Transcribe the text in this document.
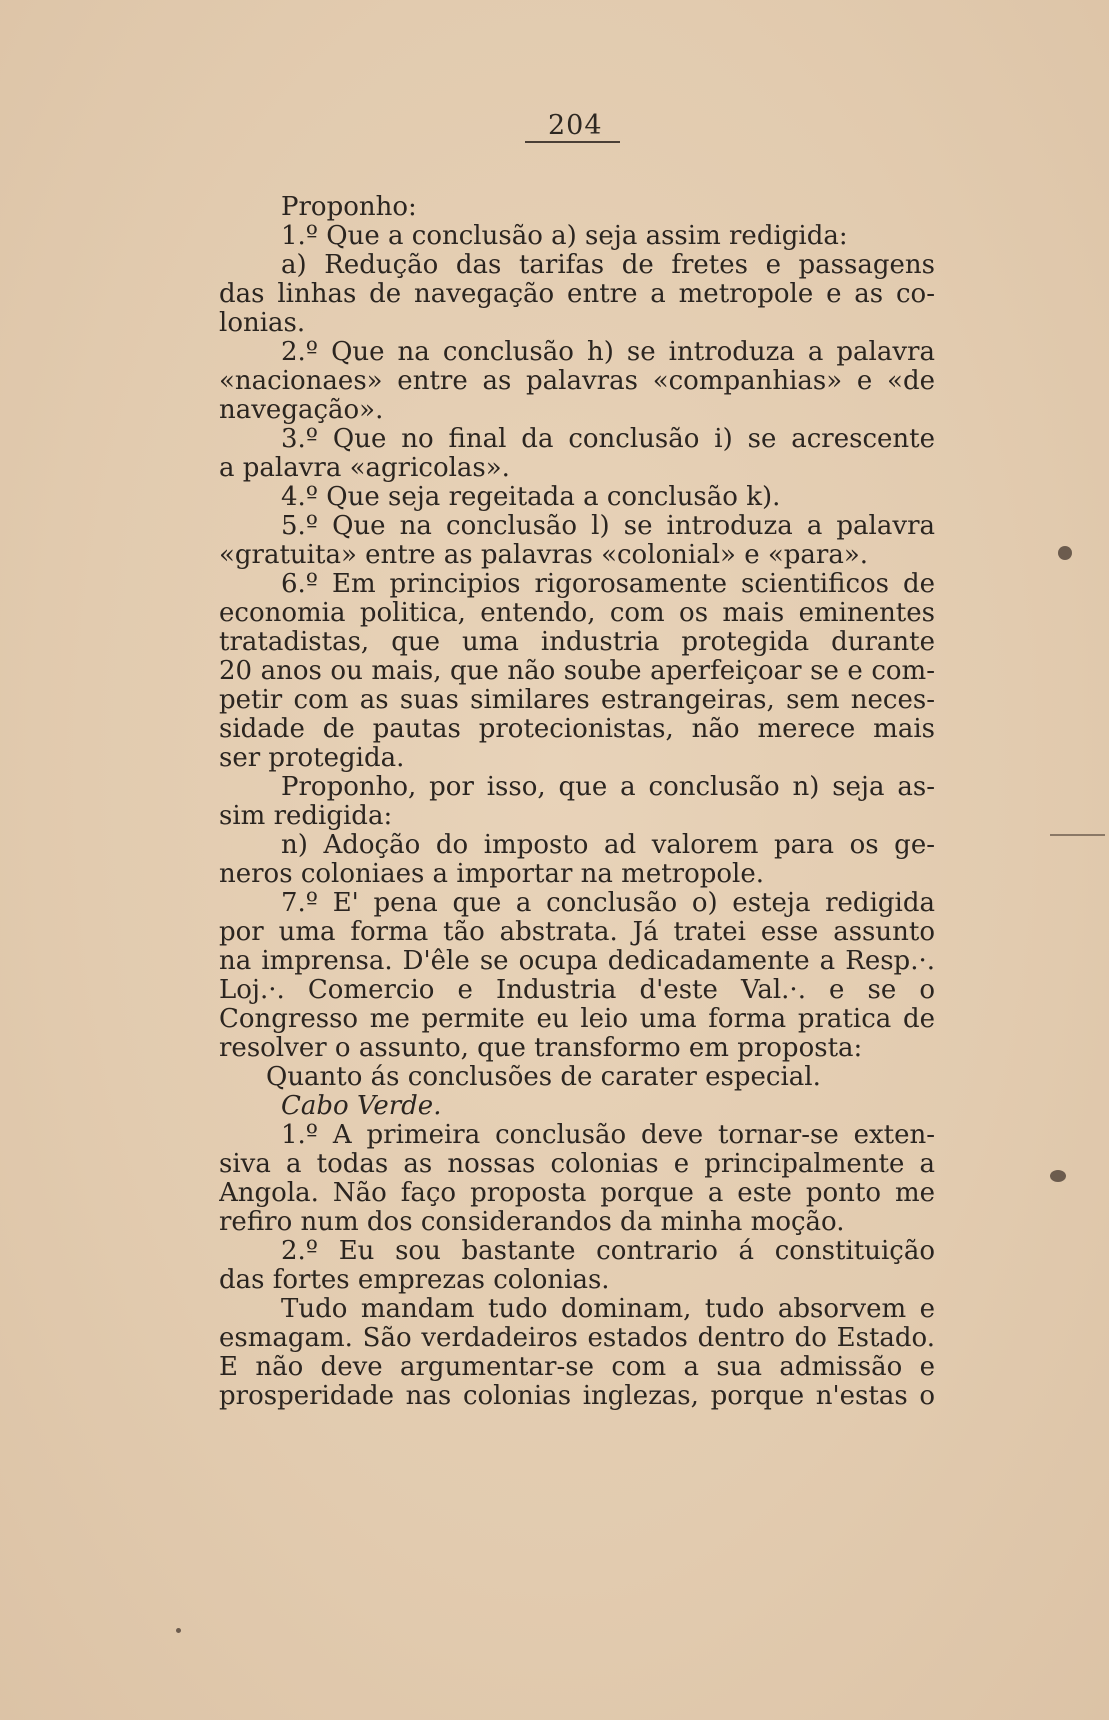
204
Proponho:
1.º Que a conclusão a) seja assim redigida:
a) Redução das tarifas de fretes e passagens
das linhas de navegação entre a metropole e as co-
lonias.
2.º Que na conclusão h) se introduza a palavra
«nacionaes» entre as palavras «companhias» e «de
navegação».
3.º Que no final da conclusão i) se acrescente
a palavra «agricolas».
4.º Que seja regeitada a conclusão k).
5.º Que na conclusão l) se introduza a palavra
«gratuita» entre as palavras «colonial» e «para».
6.º Em principios rigorosamente scientificos de
economia politica, entendo, com os mais eminentes
tratadistas, que uma industria protegida durante
20 anos ou mais, que não soube aperfeiçoar se e com-
petir com as suas similares estrangeiras, sem neces-
sidade de pautas protecionistas, não merece mais
ser protegida.
Proponho, por isso, que a conclusão n) seja as-
sim redigida:
n) Adoção do imposto ad valorem para os ge-
neros coloniaes a importar na metropole.
7.º E' pena que a conclusão o) esteja redigida
por uma forma tão abstrata. Já tratei esse assunto
na imprensa. D'êle se ocupa dedicadamente a Resp.·.
Loj.·. Comercio e Industria d'este Val.·. e se o
Congresso me permite eu leio uma forma pratica de
resolver o assunto, que transformo em proposta:
Quanto ás conclusões de carater especial.
Cabo Verde.
1.º A primeira conclusão deve tornar-se exten-
siva a todas as nossas colonias e principalmente a
Angola. Não faço proposta porque a este ponto me
refiro num dos considerandos da minha moção.
2.º Eu sou bastante contrario á constituição
das fortes emprezas colonias.
Tudo mandam tudo dominam, tudo absorvem e
esmagam. São verdadeiros estados dentro do Estado.
E não deve argumentar-se com a sua admissão e
prosperidade nas colonias inglezas, porque n'estas o
